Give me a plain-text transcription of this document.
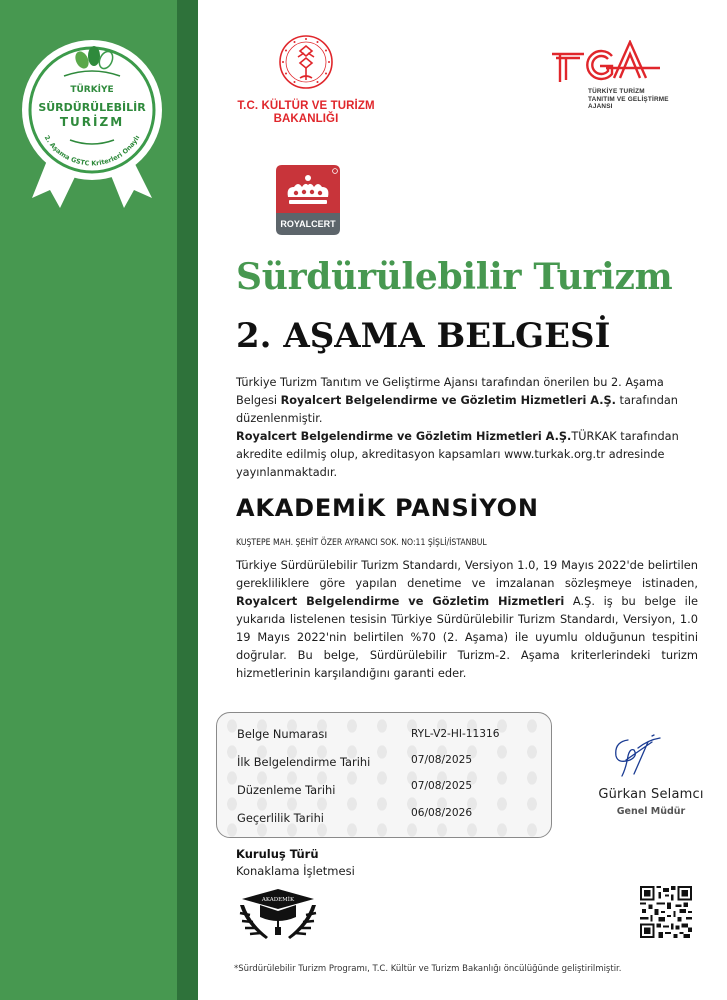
TÜRKİYE
SÜRDÜRÜLEBİLİR
TURİZM
2. Aşama GSTC Kriterleri Onaylı
T.C. KÜLTÜR VE TURİZM
BAKANLIĞI
TÜRKİYE TURİZM
TANITIM VE GELİŞTİRME
AJANSI
ROYALCERT
Sürdürülebilir Turizm
2. AŞAMA BELGESİ
Türkiye Turizm Tanıtım ve Geliştirme Ajansı tarafından önerilen bu 2. Aşama Belgesi Royalcert Belgelendirme ve Gözletim Hizmetleri A.Ş. tarafından düzenlenmiştir.
Royalcert Belgelendirme ve Gözletim Hizmetleri A.Ş.TÜRKAK tarafından akredite edilmiş olup, akreditasyon kapsamları www.turkak.org.tr adresinde yayınlanmaktadır.
AKADEMİK PANSİYON
KUŞTEPE MAH. ŞEHİT ÖZER AYRANCI SOK. NO:11 ŞİŞLİ/İSTANBUL
Türkiye Sürdürülebilir Turizm Standardı, Versiyon 1.0, 19 Mayıs 2022'de belirtilen gerekliliklere göre yapılan denetime ve imzalanan sözleşmeye istinaden, Royalcert Belgelendirme ve Gözletim Hizmetleri A.Ş. iş bu belge ile yukarıda listelenen tesisin Türkiye Sürdürülebilir Turizm Standardı, Versiyon, 1.0 19 Mayıs 2022'nin belirtilen %70 (2. Aşama) ile uyumlu olduğunun tespitini doğrular. Bu belge, Sürdürülebilir Turizm-2. Aşama kriterlerindeki turizm hizmetlerinin karşılandığını garanti eder.
Belge Numarası	RYL-V2-HI-11316
İlk Belgelendirme Tarihi	07/08/2025
Düzenleme Tarihi	07/08/2025
Geçerlilik Tarihi	06/08/2026
Gürkan Selamcı
Genel Müdür
Kuruluş Türü
Konaklama İşletmesi
AKADEMİK
*Sürdürülebilir Turizm Programı, T.C. Kültür ve Turizm Bakanlığı öncülüğünde geliştirilmiştir.
